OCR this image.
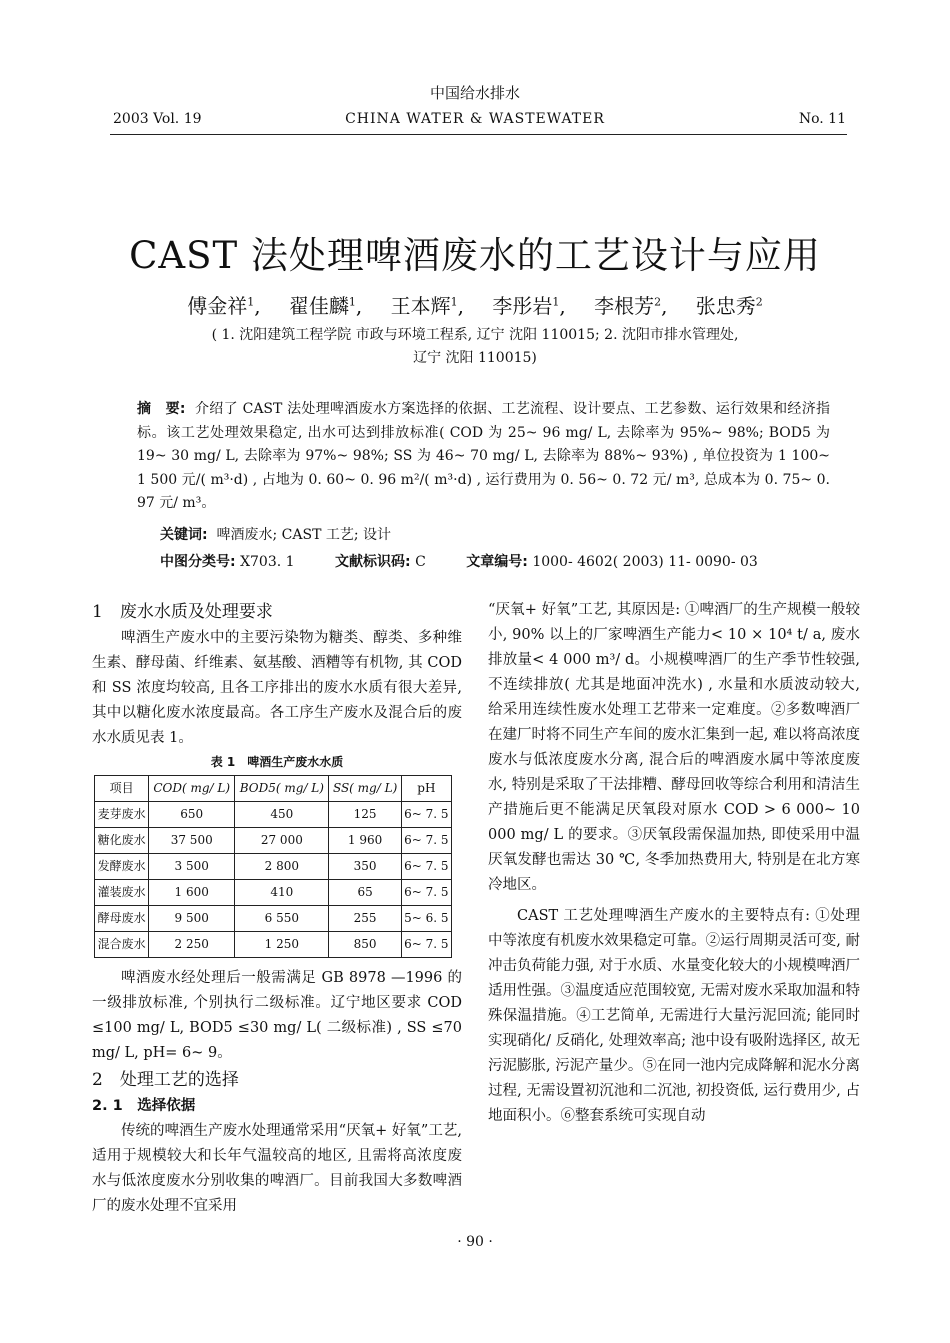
中国给水排水
2003 Vol. 19	CHINA WATER & WASTEWATER	No. 11
CAST 法处理啤酒废水的工艺设计与应用
傅金祥$^1$, 翟佳麟$^1$, 王本辉$^1$, 李彤岩$^1$, 李根芳$^2$, 张忠秀$^2$
( 1. 沈阳建筑工程学院 市政与环境工程系, 辽宁 沈阳 110015; 2. 沈阳市排水管理处,
辽宁 沈阳 110015)
摘　要: 介绍了 CAST 法处理啤酒废水方案选择的依据、工艺流程、设计要点、工艺参数、运行效果和经济指标。该工艺处理效果稳定, 出水可达到排放标准( COD 为 25~ 96 mg/ L, 去除率为 95%~ 98%; BOD5 为 19~ 30 mg/ L, 去除率为 97%~ 98%; SS 为 46~ 70 mg/ L, 去除率为 88%~ 93%) , 单位投资为 1 100~ 1 500 元/( m³·d) , 占地为 0. 60~ 0. 96 m²/( m³·d) , 运行费用为 0. 56~ 0. 72 元/ m³, 总成本为 0. 75~ 0. 97 元/ m³。
关键词: 啤酒废水; CAST 工艺; 设计
中图分类号: X703. 1	文献标识码: C	文章编号: 1000- 4602( 2003) 11- 0090- 03
1　废水水质及处理要求

啤酒生产废水中的主要污染物为糖类、醇类、多种维生素、酵母菌、纤维素、氨基酸、酒糟等有机物, 其 COD 和 SS 浓度均较高, 且各工序排出的废水水质有很大差异, 其中以糖化废水浓度最高。各工序生产废水及混合后的废水水质见表 1。

表 1　啤酒生产废水水质
项目	COD( mg/ L)	BOD5( mg/ L)	SS( mg/ L)	pH
麦芽废水	650	450	125	6~ 7. 5
糖化废水	37 500	27 000	1 960	6~ 7. 5
发酵废水	3 500	2 800	350	6~ 7. 5
灌装废水	1 600	410	65	6~ 7. 5
酵母废水	9 500	6 550	255	5~ 6. 5
混合废水	2 250	1 250	850	6~ 7. 5

啤酒废水经处理后一般需满足 GB 8978 —1996 的一级排放标准, 个别执行二级标准。辽宁地区要求 COD ≤100 mg/ L, BOD5 ≤30 mg/ L( 二级标准) , SS ≤70 mg/ L, pH= 6~ 9。

2　处理工艺的选择
2. 1　选择依据

传统的啤酒生产废水处理通常采用“厌氧+ 好氧”工艺, 适用于规模较大和长年气温较高的地区, 且需将高浓度废水与低浓度废水分别收集的啤酒厂。目前我国大多数啤酒厂的废水处理不宜采用

“厌氧+ 好氧”工艺, 其原因是: ①啤酒厂的生产规模一般较小, 90% 以上的厂家啤酒生产能力< 10 × 10⁴ t/ a, 废水排放量< 4 000 m³/ d。小规模啤酒厂的生产季节性较强, 不连续排放( 尤其是地面冲洗水) , 水量和水质波动较大, 给采用连续性废水处理工艺带来一定难度。②多数啤酒厂在建厂时将不同生产车间的废水汇集到一起, 难以将高浓度废水与低浓度废水分离, 混合后的啤酒废水属中等浓度废水, 特别是采取了干法排糟、酵母回收等综合利用和清洁生产措施后更不能满足厌氧段对原水 COD > 6 000~ 10 000 mg/ L 的要求。③厌氧段需保温加热, 即使采用中温厌氧发酵也需达 30 ℃, 冬季加热费用大, 特别是在北方寒冷地区。

CAST 工艺处理啤酒生产废水的主要特点有: ①处理中等浓度有机废水效果稳定可靠。②运行周期灵活可变, 耐冲击负荷能力强, 对于水质、水量变化较大的小规模啤酒厂适用性强。③温度适应范围较宽, 无需对废水采取加温和特殊保温措施。④工艺简单, 无需进行大量污泥回流; 能同时实现硝化/ 反硝化, 处理效率高; 池中设有吸附选择区, 故无污泥膨胀, 污泥产量少。⑤在同一池内完成降解和泥水分离过程, 无需设置初沉池和二沉池, 初投资低, 运行费用少, 占地面积小。⑥整套系统可实现自动

· 90 ·
